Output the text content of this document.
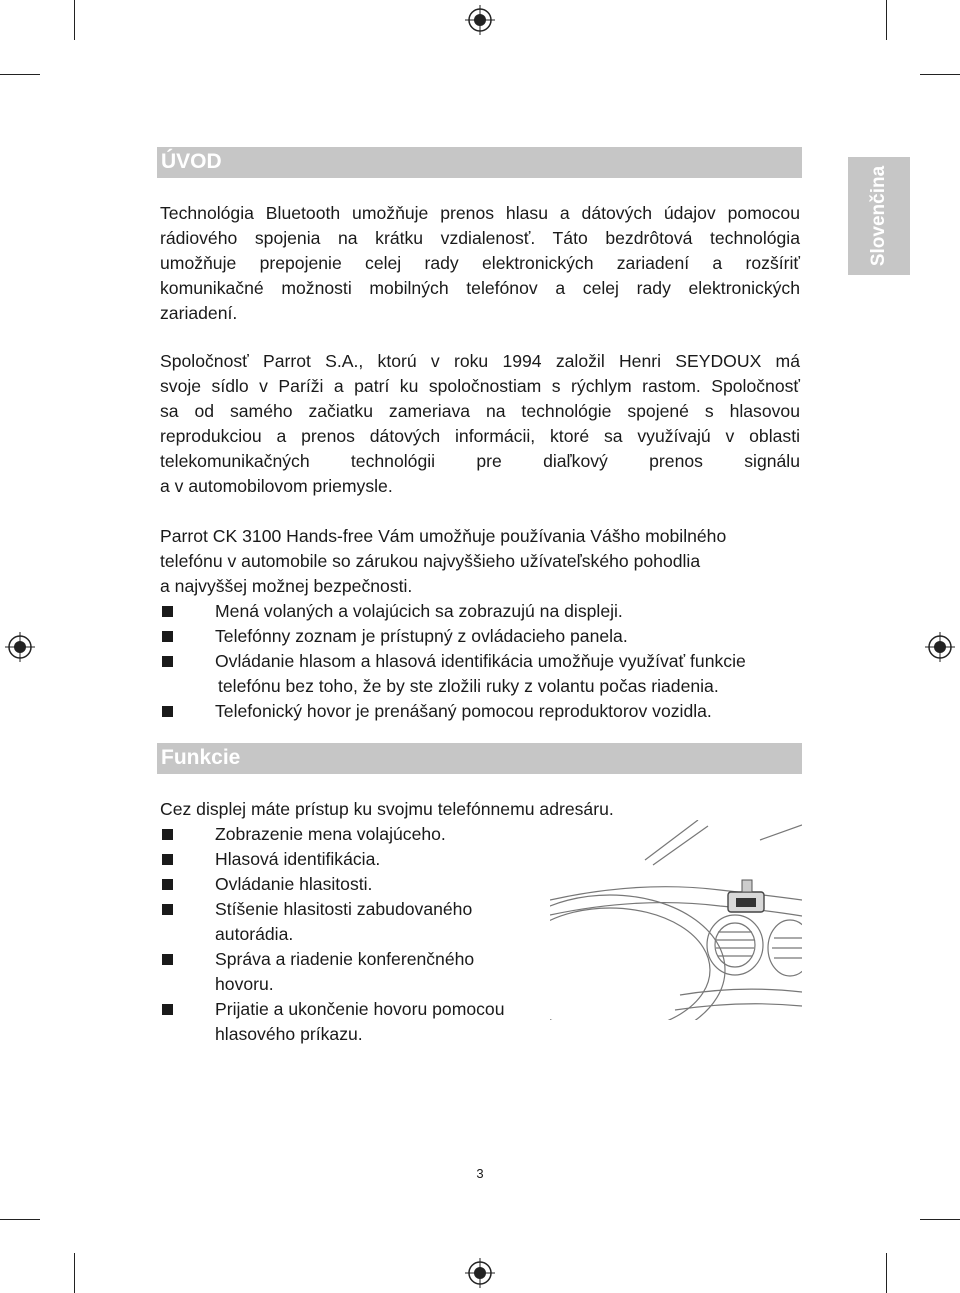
Slovenčina
ÚVOD

Technológia Bluetooth umožňuje prenos hlasu a dátových údajov pomocou
rádiového spojenia na krátku vzdialenosť. Táto bezdrôtová technológia
umožňuje prepojenie celej rady elektronických zariadení a rozšíriť
komunikačné možnosti mobilných telefónov a celej rady elektronických
zariadení.

Spoločnosť Parrot S.A., ktorú v roku 1994 založil Henri SEYDOUX má
svoje sídlo v Paríži a patrí ku spoločnostiam s rýchlym rastom. Spoločnosť
sa od samého začiatku zameriava na technológie spojené s hlasovou
reprodukciou a prenos dátových informácii, ktoré sa využívajú v oblasti
telekomunikačných technológii pre diaľkový prenos signálu
a v automobilovom priemysle.

Parrot CK 3100 Hands-free Vám umožňuje používania Vášho mobilného
telefónu v automobile so zárukou najvyššieho užívateľského pohodlia
a najvyššej možnej bezpečnosti.

Mená volaných a volajúcich sa zobrazujú na displeji.
Telefónny zoznam je prístupný z ovládacieho panela.
Ovládanie hlasom a hlasová identifikácia umožňuje využívať funkcie
telefónu bez toho, že by ste zložili ruky z volantu počas riadenia.
Telefonický hovor je prenášaný pomocou reproduktorov vozidla.
Funkcie

Cez displej máte prístup ku svojmu telefónnemu adresáru.

Zobrazenie mena volajúceho.
Hlasová identifikácia.
Ovládanie hlasitosti.
Stíšenie hlasitosti zabudovaného
autorádia.
Správa a riadenie konferenčného
hovoru.
Prijatie a ukončenie hovoru pomocou
hlasového príkazu.
3
